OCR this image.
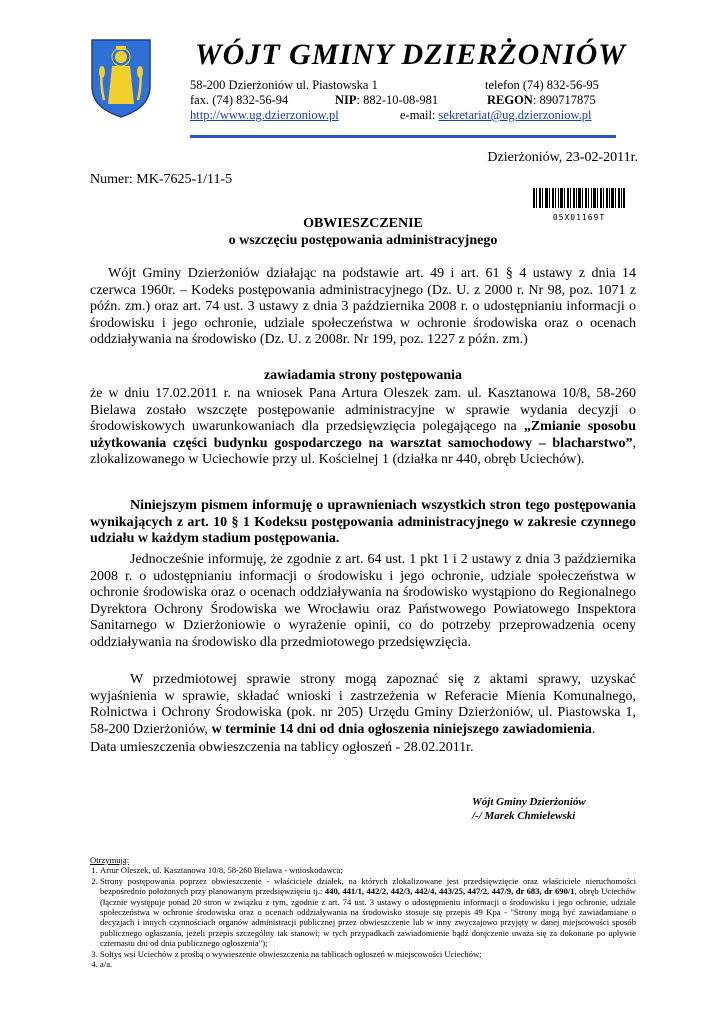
WÓJT GMINY DZIERŻONIÓW
58-200 Dzierżoniów ul. Piastowska 1	telefon (74) 832-56-95
fax. (74) 832-56-94	NIP: 882-10-08-981	REGON: 890717875
http://www.ug.dzierzoniow.pl	e-mail: sekretariat@ug.dzierzoniow.pl
Dzierżoniów, 23-02-2011r.
Numer: MK-7625-1/11-5
05X01169T
OBWIESZCZENIE
o wszczęciu postępowania administracyjnego
Wójt Gminy Dzierżoniów działając na podstawie art. 49 i art. 61 § 4 ustawy z dnia 14 czerwca 1960r. – Kodeks postępowania administracyjnego (Dz. U. z 2000 r. Nr 98, poz. 1071 z późn. zm.) oraz art. 74 ust. 3 ustawy z dnia 3 października 2008 r. o udostępnianiu informacji o środowisku i jego ochronie, udziale społeczeństwa w ochronie środowiska oraz o ocenach oddziaływania na środowisko (Dz. U. z 2008r. Nr 199, poz. 1227 z późn. zm.)
zawiadamia strony postępowania
że w dniu 17.02.2011 r. na wniosek Pana Artura Oleszek zam. ul. Kasztanowa 10/8, 58-260 Bielawa zostało wszczęte postępowanie administracyjne w sprawie wydania decyzji o środowiskowych uwarunkowaniach dla przedsięwzięcia polegającego na „Zmianie sposobu użytkowania części budynku gospodarczego na warsztat samochodowy – blacharstwo”, zlokalizowanego w Uciechowie przy ul. Kościelnej 1 (działka nr 440, obręb Uciechów).
Niniejszym pismem informuję o uprawnieniach wszystkich stron tego postępowania wynikających z art. 10 § 1 Kodeksu postępowania administracyjnego w zakresie czynnego udziału w każdym stadium postępowania.
Jednocześnie informuję, że zgodnie z art. 64 ust. 1 pkt 1 i 2 ustawy z dnia 3 października 2008 r. o udostępnianiu informacji o środowisku i jego ochronie, udziale społeczeństwa w ochronie środowiska oraz o ocenach oddziaływania na środowisko wystąpiono do Regionalnego Dyrektora Ochrony Środowiska we Wrocławiu oraz Państwowego Powiatowego Inspektora Sanitarnego w Dzierżoniowie o wyrażenie opinii, co do potrzeby przeprowadzenia oceny oddziaływania na środowisko dla przedmiotowego przedsięwzięcia.
W przedmiotowej sprawie strony mogą zapoznać się z aktami sprawy, uzyskać wyjaśnienia w sprawie, składać wnioski i zastrzeżenia w Referacie Mienia Komunalnego, Rolnictwa i Ochrony Środowiska (pok. nr 205) Urzędu Gminy Dzierżoniów, ul. Piastowska 1, 58-200 Dzierżoniów, w terminie 14 dni od dnia ogłoszenia niniejszego zawiadomienia.
Data umieszczenia obwieszczenia na tablicy ogłoszeń - 28.02.2011r.
Wójt Gminy Dzierżoniów
/-/ Marek Chmielewski
Otrzymują:
1. Artur Oleszek, ul. Kasztanowa 10/8, 58-260 Bielawa - wnioskodawca;
2. Strony postępowania poprzez obwieszczenie - właściciele działek, na których zlokalizowane jest przedsięwzięcie oraz właściciele nieruchomości bezpośrednio położonych przy planowanym przedsięwzięciu tj.: 440, 441/1, 442/2, 442/3, 442/4, 443/25, 447/2, 447/9, dr 683, dr 690/1, obręb Uciechów (łącznie występuje ponad 20 stron w związku z tym, zgodnie z art. 74 ust. 3 ustawy o udostępnieniu informacji o środowisku i jego ochronie, udziale społeczeństwa w ochronie środowiska oraz o ocenach oddziaływania na środowisko stosuje się przepis 49 Kpa - "Strony mogą być zawiadamiane o decyzjach i innych czynnościach organów administracji publicznej przez obwieszczenie lub w inny zwyczajowo przyjęty w danej miejscowości sposób publicznego ogłaszania, jeżeli przepis szczególny tak stanowi; w tych przypadkach zawiadomienie bądź doręczenie uważa się za dokonane po upływie czternastu dni od dnia publicznego ogłoszenia");
3. Sołtys wsi Uciechów z prośbą o wywieszenie obwieszczenia na tablicach ogłoszeń w miejscowości Uciechów;
4. a/a.
